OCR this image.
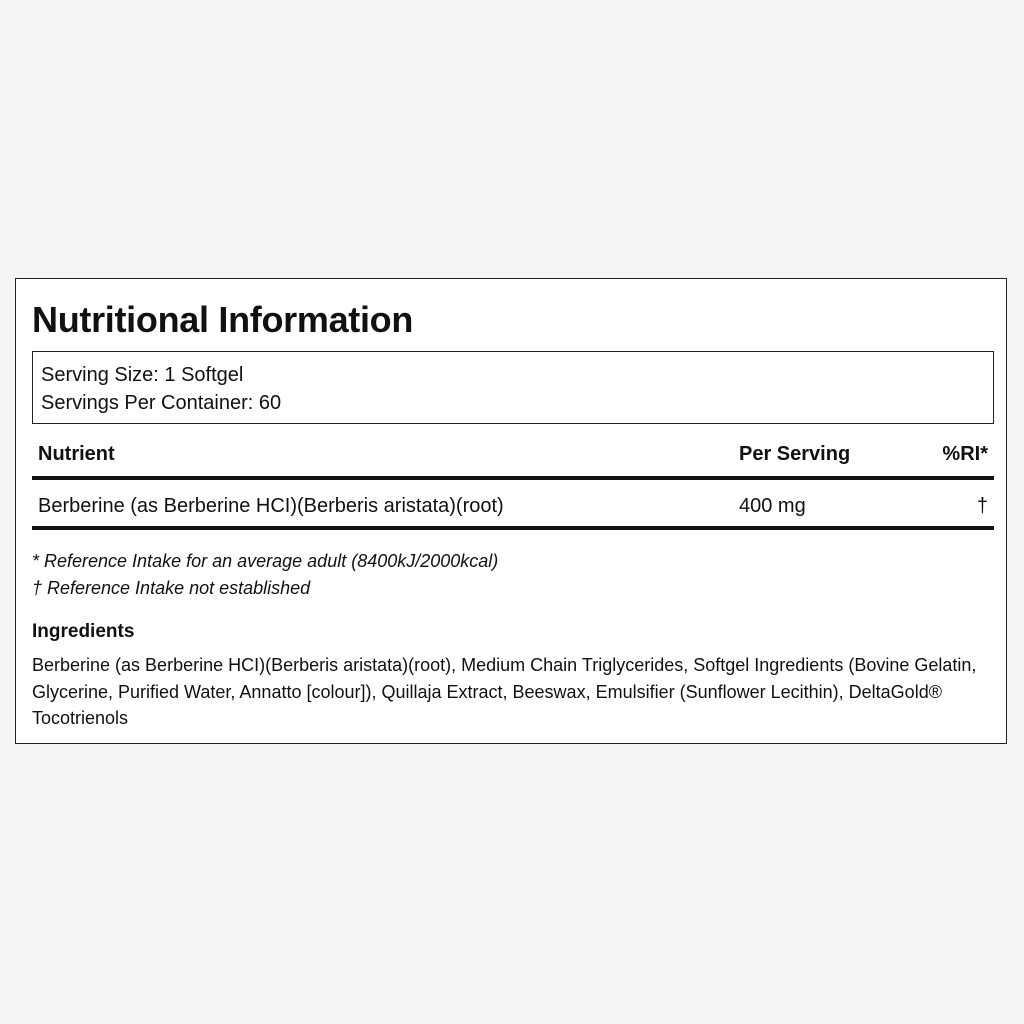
Nutritional Information
Serving Size: 1 Softgel
Servings Per Container: 60
Nutrient	Per Serving	%RI*
Berberine (as Berberine HCI)(Berberis aristata)(root)	400 mg	†
* Reference Intake for an average adult (8400kJ/2000kcal)
† Reference Intake not established
Ingredients
Berberine (as Berberine HCI)(Berberis aristata)(root), Medium Chain Triglycerides, Softgel Ingredients (Bovine Gelatin, Glycerine, Purified Water, Annatto [colour]), Quillaja Extract, Beeswax, Emulsifier (Sunflower Lecithin), DeltaGold® Tocotrienols
